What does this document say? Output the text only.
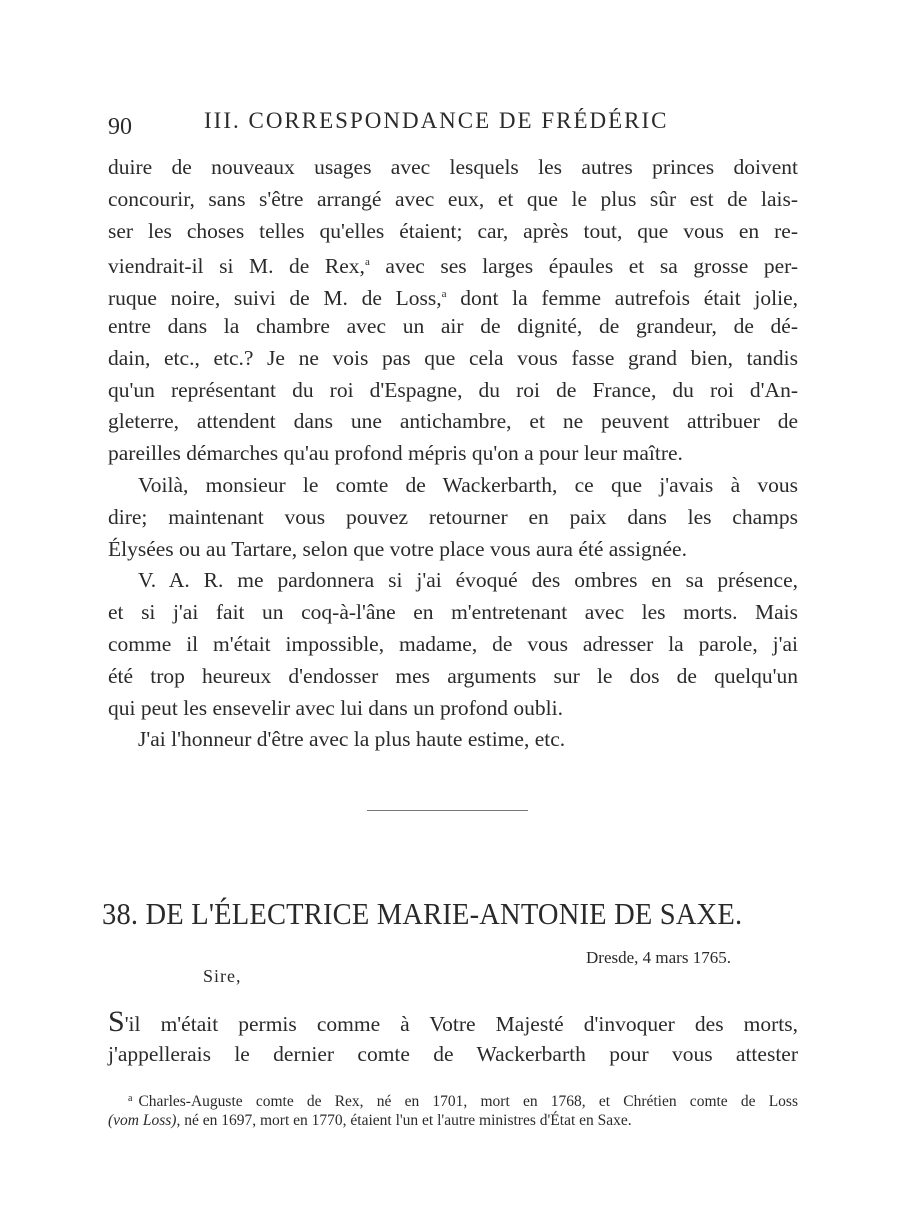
90	III. CORRESPONDANCE DE FRÉDÉRIC
duire de nouveaux usages avec lesquels les autres princes doivent
concourir, sans s'être arrangé avec eux, et que le plus sûr est de lais-
ser les choses telles qu'elles étaient; car, après tout, que vous en re-
viendrait-il si M. de Rex,$^a$ avec ses larges épaules et sa grosse per-
ruque noire, suivi de M. de Loss,$^a$ dont la femme autrefois était jolie,
entre dans la chambre avec un air de dignité, de grandeur, de dé-
dain, etc., etc.? Je ne vois pas que cela vous fasse grand bien, tandis
qu'un représentant du roi d'Espagne, du roi de France, du roi d'An-
gleterre, attendent dans une antichambre, et ne peuvent attribuer de
pareilles démarches qu'au profond mépris qu'on a pour leur maître.
Voilà, monsieur le comte de Wackerbarth, ce que j'avais à vous
dire; maintenant vous pouvez retourner en paix dans les champs
Élysées ou au Tartare, selon que votre place vous aura été assignée.
V. A. R. me pardonnera si j'ai évoqué des ombres en sa présence,
et si j'ai fait un coq-à-l'âne en m'entretenant avec les morts. Mais
comme il m'était impossible, madame, de vous adresser la parole, j'ai
été trop heureux d'endosser mes arguments sur le dos de quelqu'un
qui peut les ensevelir avec lui dans un profond oubli.
J'ai l'honneur d'être avec la plus haute estime, etc.
38. DE L'ÉLECTRICE MARIE-ANTONIE DE SAXE.
Dresde, 4 mars 1765.
Sire,
S'il m'était permis comme à Votre Majesté d'invoquer des morts,
j'appellerais le dernier comte de Wackerbarth pour vous attester
$^a$ Charles-Auguste comte de Rex, né en 1701, mort en 1768, et Chrétien comte de Loss
(vom Loss), né en 1697, mort en 1770, étaient l'un et l'autre ministres d'État en Saxe.
